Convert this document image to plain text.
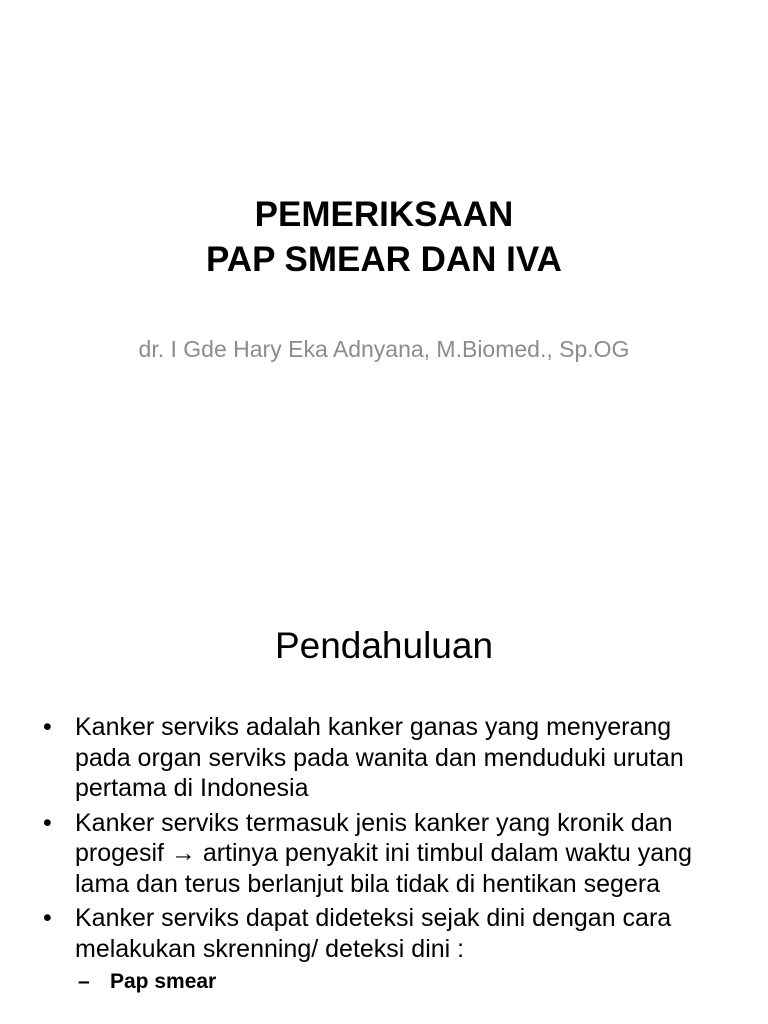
PEMERIKSAAN
PAP SMEAR DAN IVA
dr. I Gde Hary Eka Adnyana, M.Biomed., Sp.OG
Pendahuluan
• Kanker serviks adalah kanker ganas yang menyerang pada organ serviks pada wanita dan menduduki urutan pertama di Indonesia
• Kanker serviks termasuk jenis kanker yang kronik dan progesif → artinya penyakit ini timbul dalam waktu yang lama dan terus berlanjut bila tidak di hentikan segera
• Kanker serviks dapat dideteksi sejak dini dengan cara melakukan skrenning/ deteksi dini :
– Pap smear
